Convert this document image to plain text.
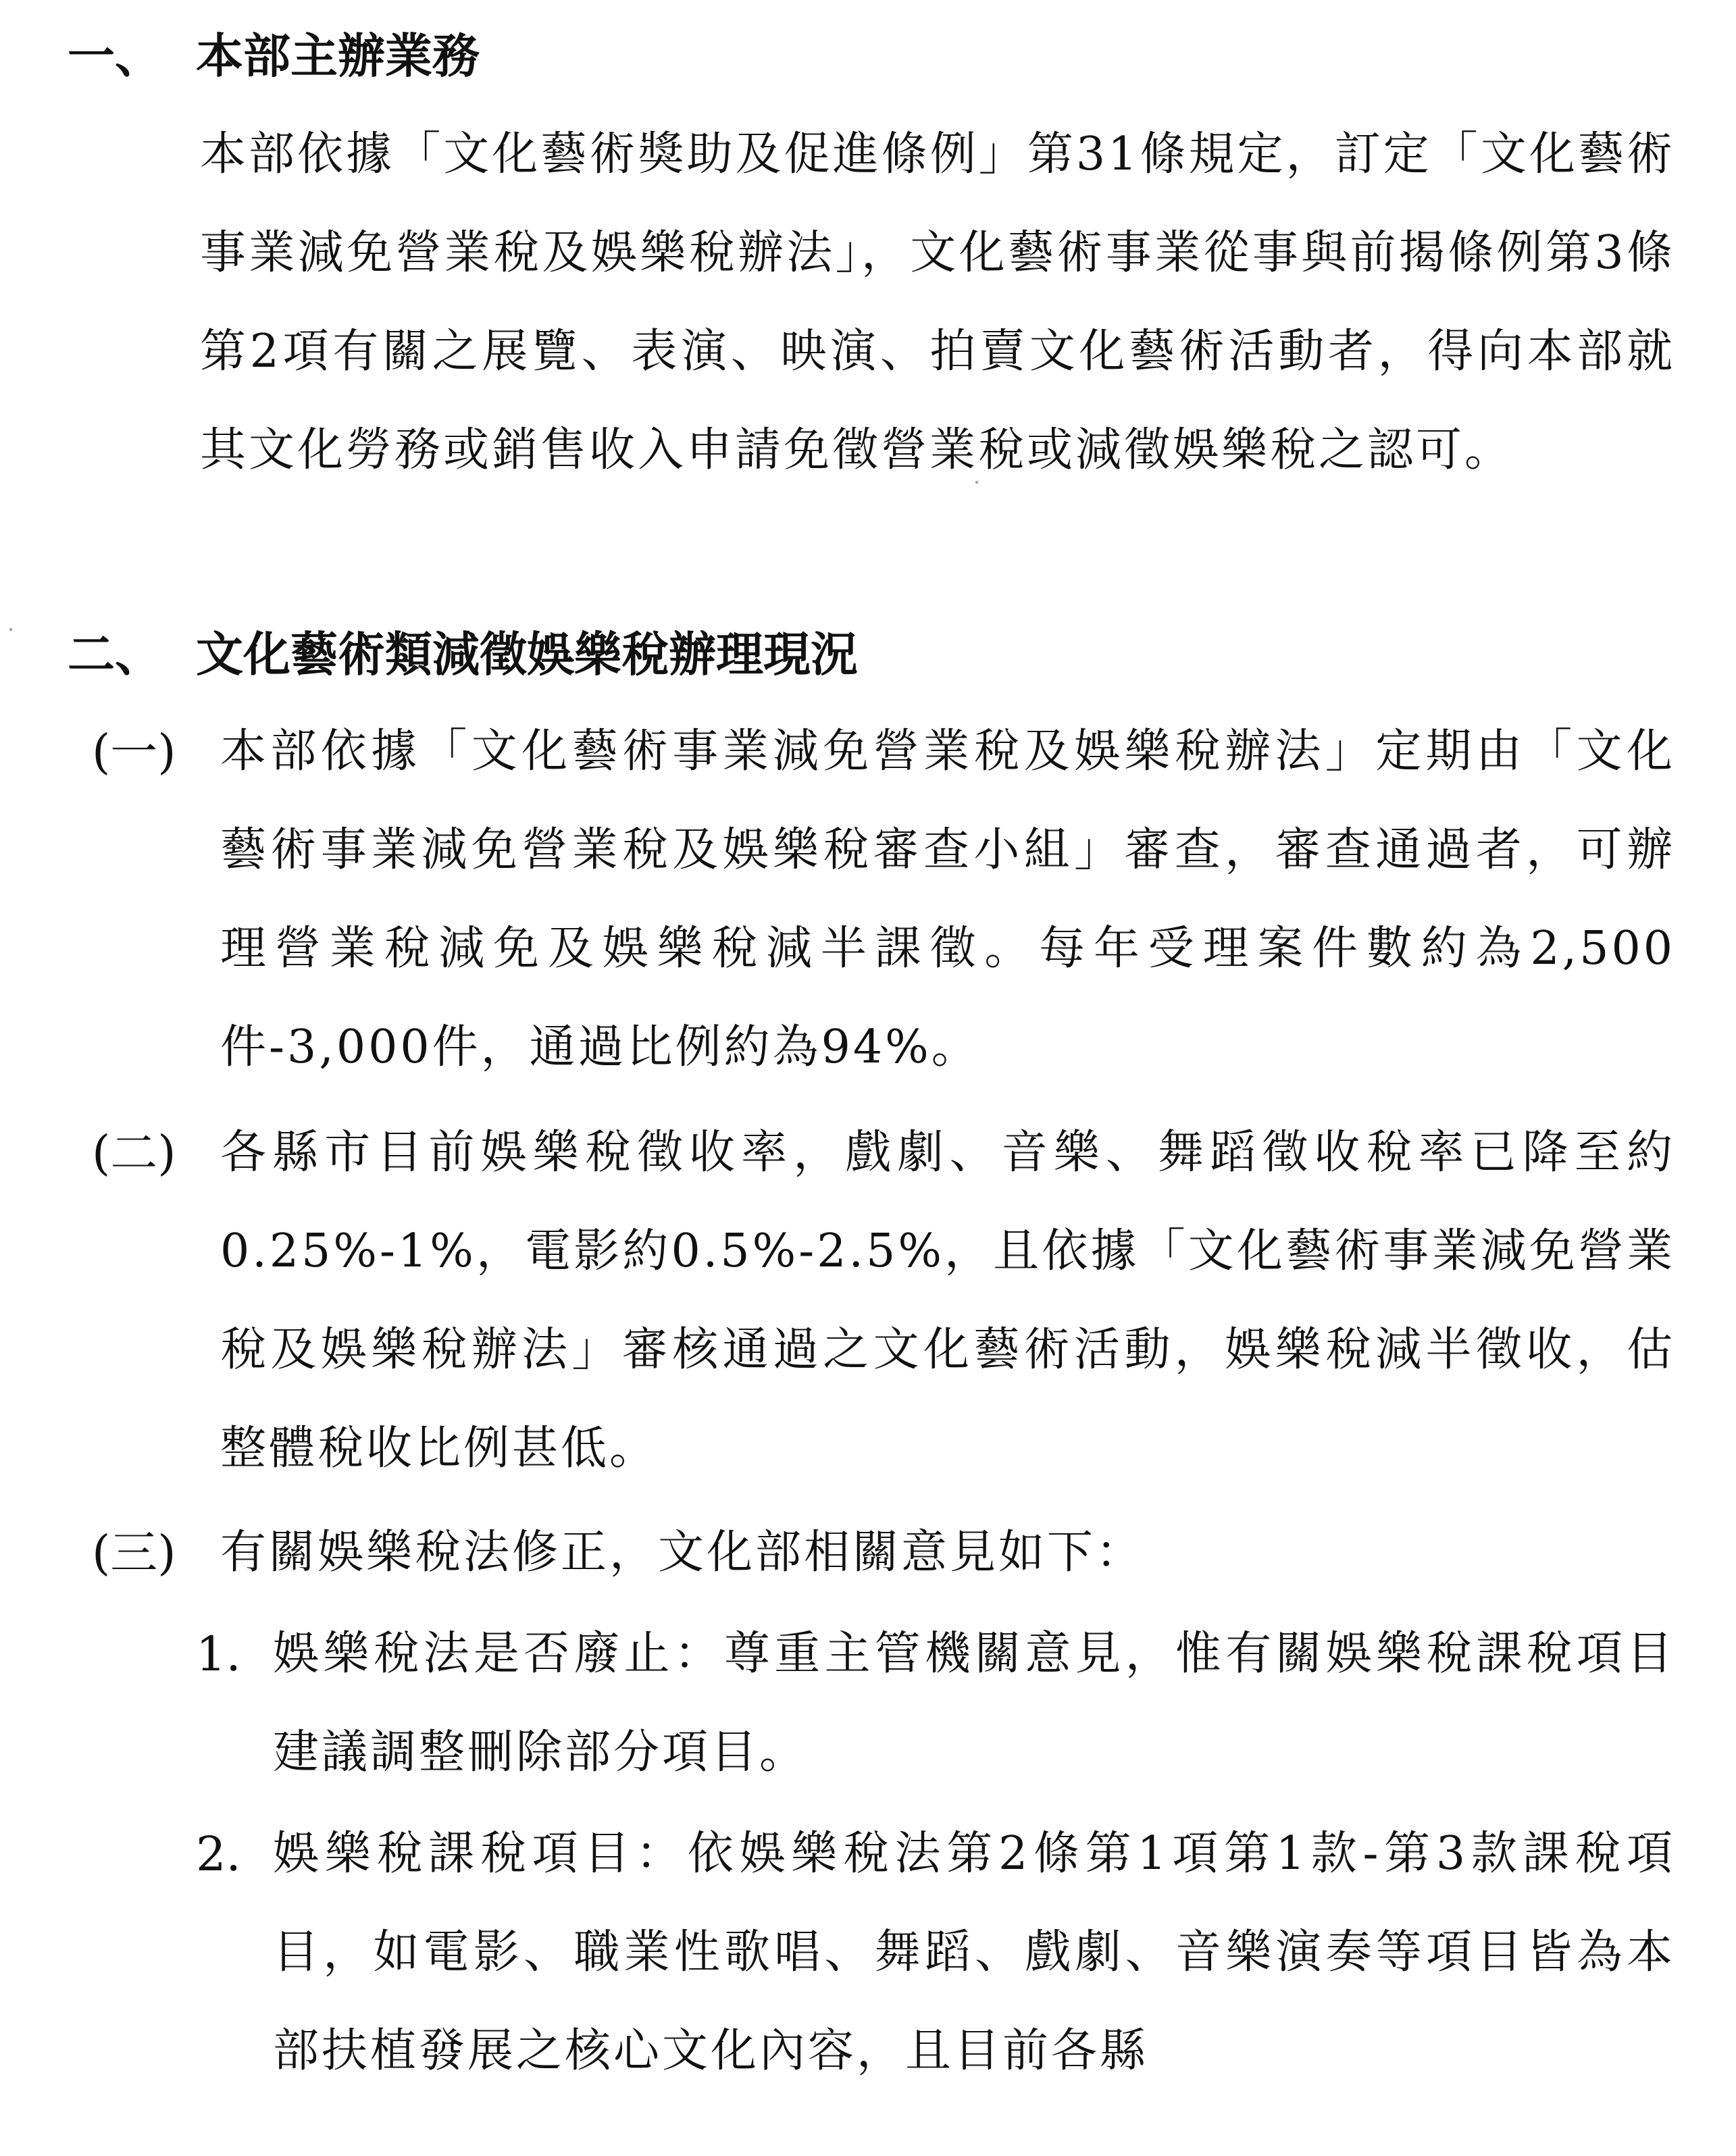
一、 本部主辦業務
本部依據「文化藝術獎助及促進條例」第31條規定，訂定「文化藝術事業減免營業稅及娛樂稅辦法」，文化藝術事業從事與前揭條例第3條第2項有關之展覽、表演、映演、拍賣文化藝術活動者，得向本部就其文化勞務或銷售收入申請免徵營業稅或減徵娛樂稅之認可。
二、 文化藝術類減徵娛樂稅辦理現況
(一) 本部依據「文化藝術事業減免營業稅及娛樂稅辦法」定期由「文化藝術事業減免營業稅及娛樂稅審查小組」審查，審查通過者，可辦理營業稅減免及娛樂稅減半課徵。每年受理案件數約為2,500件-3,000件，通過比例約為94%。
(二) 各縣市目前娛樂稅徵收率，戲劇、音樂、舞蹈徵收稅率已降至約0.25%-1%，電影約0.5%-2.5%，且依據「文化藝術事業減免營業稅及娛樂稅辦法」審核通過之文化藝術活動，娛樂稅減半徵收，估整體稅收比例甚低。
(三) 有關娛樂稅法修正，文化部相關意見如下：
1. 娛樂稅法是否廢止：尊重主管機關意見，惟有關娛樂稅課稅項目建議調整刪除部分項目。
2. 娛樂稅課稅項目：依娛樂稅法第2條第1項第1款-第3款課稅項目，如電影、職業性歌唱、舞蹈、戲劇、音樂演奏等項目皆為本部扶植發展之核心文化內容，且目前各縣
